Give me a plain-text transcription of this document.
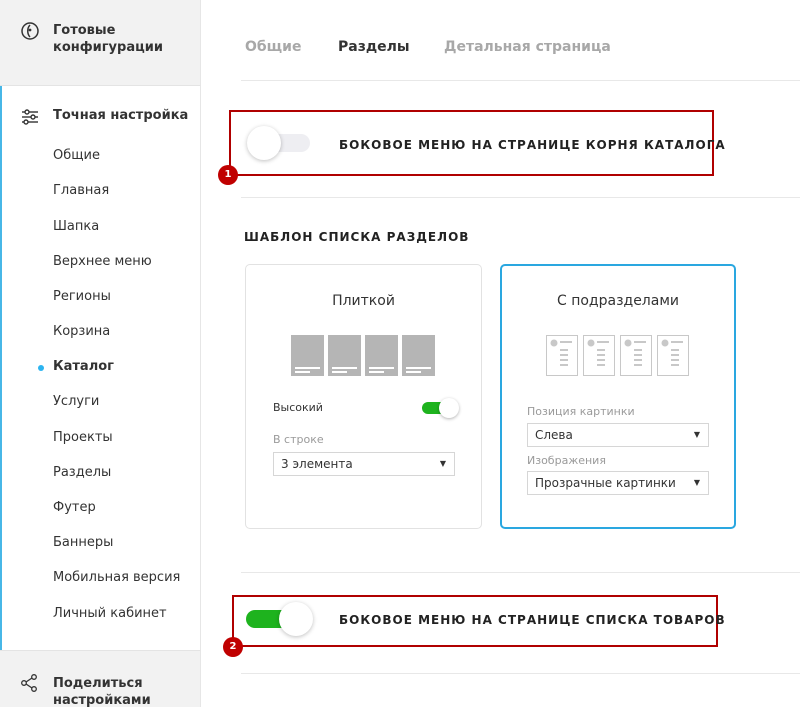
Готовые конфигурации
Точная настройка
Общие
Главная
Шапка
Верхнее меню
Регионы
Корзина
Каталог
Услуги
Проекты
Разделы
Футер
Баннеры
Мобильная версия
Личный кабинет
Поделиться настройками
Общие	Разделы Детальная страница
БОКОВОЕ МЕНЮ НА СТРАНИЦЕ КОРНЯ КАТАЛОГА
1
ШАБЛОН СПИСКА РАЗДЕЛОВ
Плиткой
Высокий
В строке
3 элемента	▼
С подразделами
Позиция картинки
Слева	▼
Изображения
Прозрачные картинки ▼
БОКОВОЕ МЕНЮ НА СТРАНИЦЕ СПИСКА ТОВАРОВ
2
